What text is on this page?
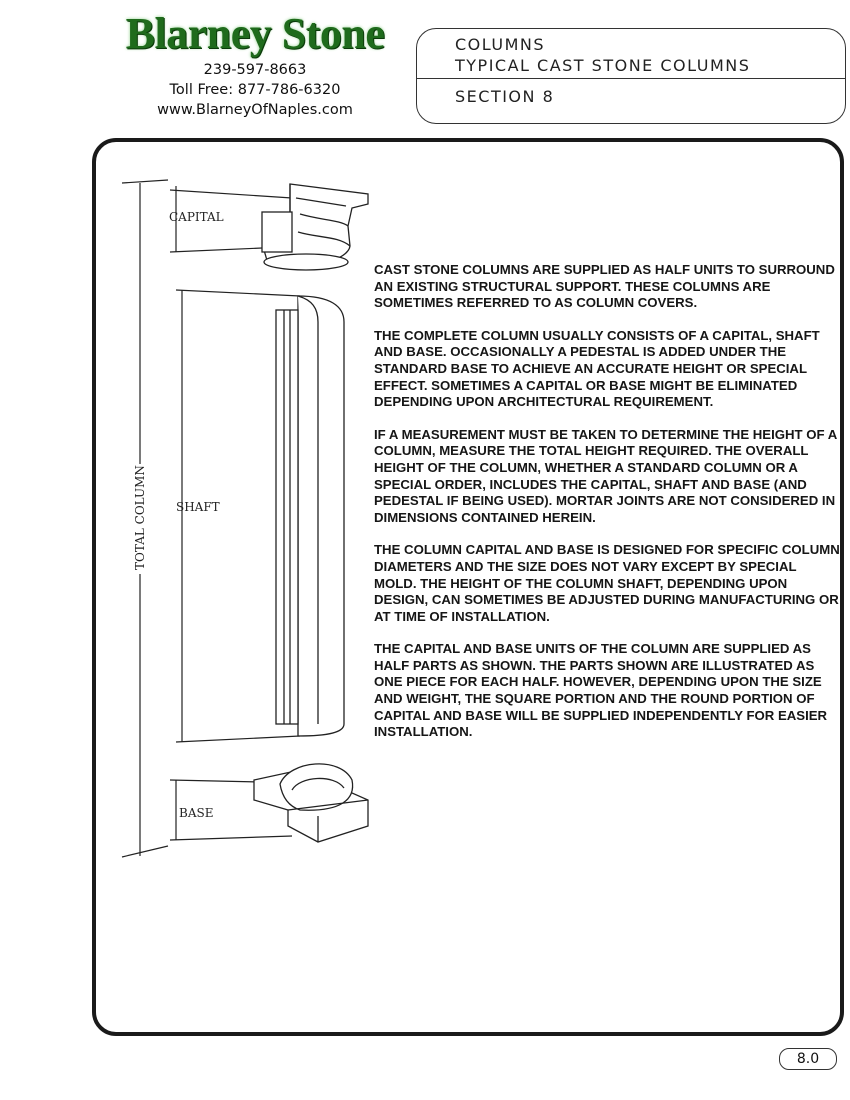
Blarney Stone
239-597-8663
Toll Free: 877-786-6320
www.BlarneyOfNaples.com
COLUMNS
TYPICAL CAST STONE COLUMNS
SECTION 8
CAPITAL
SHAFT
BASE
TOTAL COLUMN

CAST STONE COLUMNS ARE SUPPLIED AS HALF UNITS TO SURROUND AN EXISTING STRUCTURAL SUPPORT. THESE COLUMNS ARE SOMETIMES REFERRED TO AS COLUMN COVERS.

THE COMPLETE COLUMN USUALLY CONSISTS OF A CAPITAL, SHAFT AND BASE. OCCASIONALLY A PEDESTAL IS ADDED UNDER THE STANDARD BASE TO ACHIEVE AN ACCURATE HEIGHT OR SPECIAL EFFECT. SOMETIMES A CAPITAL OR BASE MIGHT BE ELIMINATED DEPENDING UPON ARCHITECTURAL REQUIREMENT.

IF A MEASUREMENT MUST BE TAKEN TO DETERMINE THE HEIGHT OF A COLUMN, MEASURE THE TOTAL HEIGHT REQUIRED. THE OVERALL HEIGHT OF THE COLUMN, WHETHER A STANDARD COLUMN OR A SPECIAL ORDER, INCLUDES THE CAPITAL, SHAFT AND BASE (AND PEDESTAL IF BEING USED). MORTAR JOINTS ARE NOT CONSIDERED IN DIMENSIONS CONTAINED HEREIN.

THE COLUMN CAPITAL AND BASE IS DESIGNED FOR SPECIFIC COLUMN DIAMETERS AND THE SIZE DOES NOT VARY EXCEPT BY SPECIAL MOLD. THE HEIGHT OF THE COLUMN SHAFT, DEPENDING UPON DESIGN, CAN SOMETIMES BE ADJUSTED DURING MANUFACTURING OR AT TIME OF INSTALLATION.

THE CAPITAL AND BASE UNITS OF THE COLUMN ARE SUPPLIED AS HALF PARTS AS SHOWN. THE PARTS SHOWN ARE ILLUSTRATED AS ONE PIECE FOR EACH HALF. HOWEVER, DEPENDING UPON THE SIZE AND WEIGHT, THE SQUARE PORTION AND THE ROUND PORTION OF CAPITAL AND BASE WILL BE SUPPLIED INDEPENDENTLY FOR EASIER INSTALLATION.

8.0
